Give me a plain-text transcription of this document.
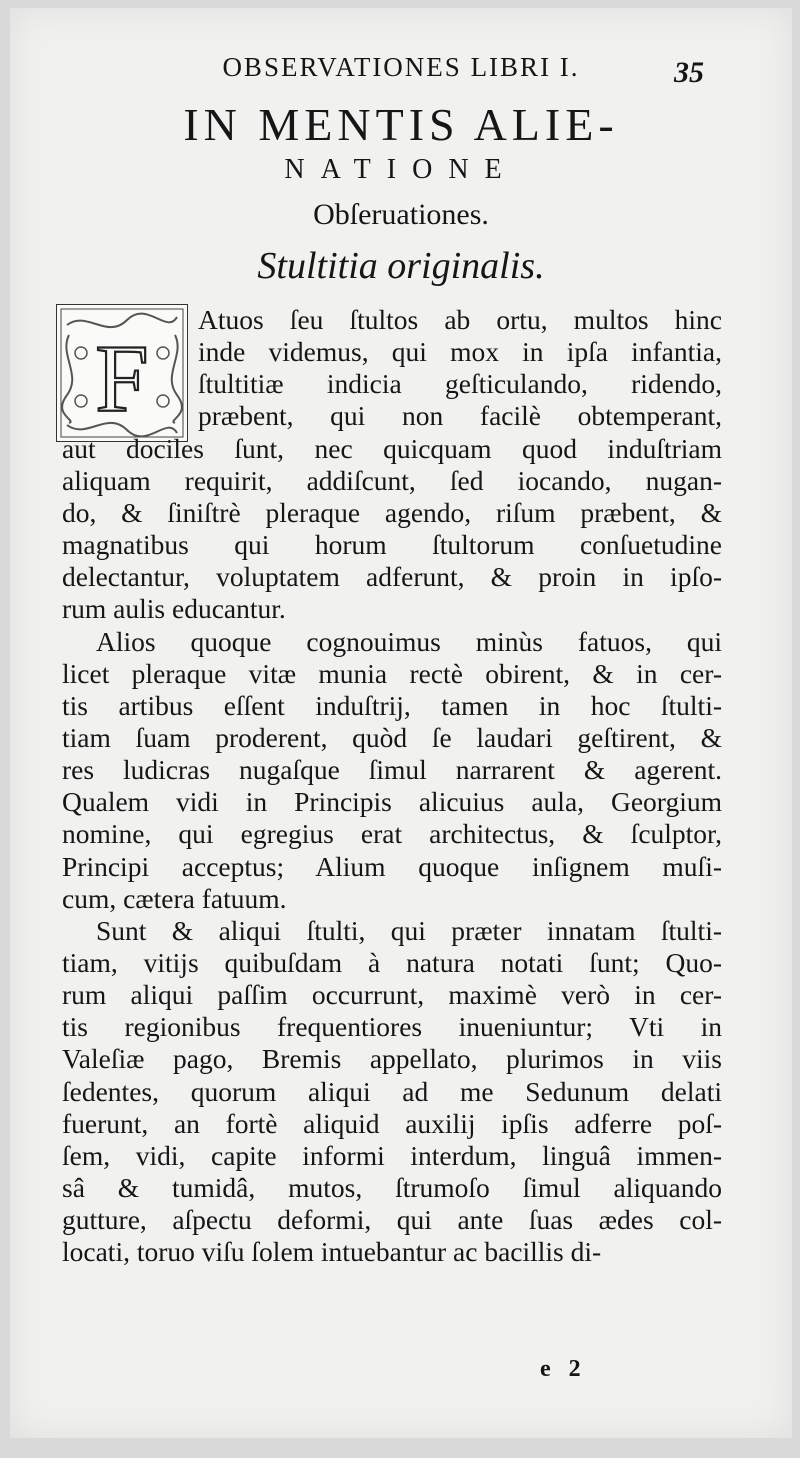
OBSERVATIONES LIBRI I.	35
IN MENTIS ALIE-
NATIONE
Obſeruationes.
Stultitia originalis.
F
Atuos ſeu ſtultos ab ortu, multos hinc
inde videmus, qui mox in ipſa infantia,
ſtultitiæ indicia geſticulando, ridendo,
præbent, qui non facilè obtemperant,
aut dociles ſunt, nec quicquam quod induſtriam
aliquam requirit, addiſcunt, ſed iocando, nugan-
do, & ſiniſtrè pleraque agendo, riſum præbent, &
magnatibus qui horum ſtultorum conſuetudine
delectantur, voluptatem adferunt, & proin in ipſo-
rum aulis educantur.
Alios quoque cognouimus minùs fatuos, qui
licet pleraque vitæ munia rectè obirent, & in cer-
tis artibus eſſent induſtrij, tamen in hoc ſtulti-
tiam ſuam proderent, quòd ſe laudari geſtirent, &
res ludicras nugaſque ſimul narrarent & agerent.
Qualem vidi in Principis alicuius aula, Georgium
nomine, qui egregius erat architectus, & ſculptor,
Principi acceptus; Alium quoque inſignem muſi-
cum, cætera fatuum.
Sunt & aliqui ſtulti, qui præter innatam ſtulti-
tiam, vitijs quibuſdam à natura notati ſunt; Quo-
rum aliqui paſſim occurrunt, maximè verò in cer-
tis regionibus frequentiores inueniuntur; Vti in
Valeſiæ pago, Bremis appellato, plurimos in viis
ſedentes, quorum aliqui ad me Sedunum delati
fuerunt, an fortè aliquid auxilij ipſis adferre poſ-
ſem, vidi, capite informi interdum, linguâ immen-
sâ & tumidâ, mutos, ſtrumoſo ſimul aliquando
gutture, aſpectu deformi, qui ante ſuas ædes col-
locati, toruo viſu ſolem intuebantur ac bacillis di-
e 2
